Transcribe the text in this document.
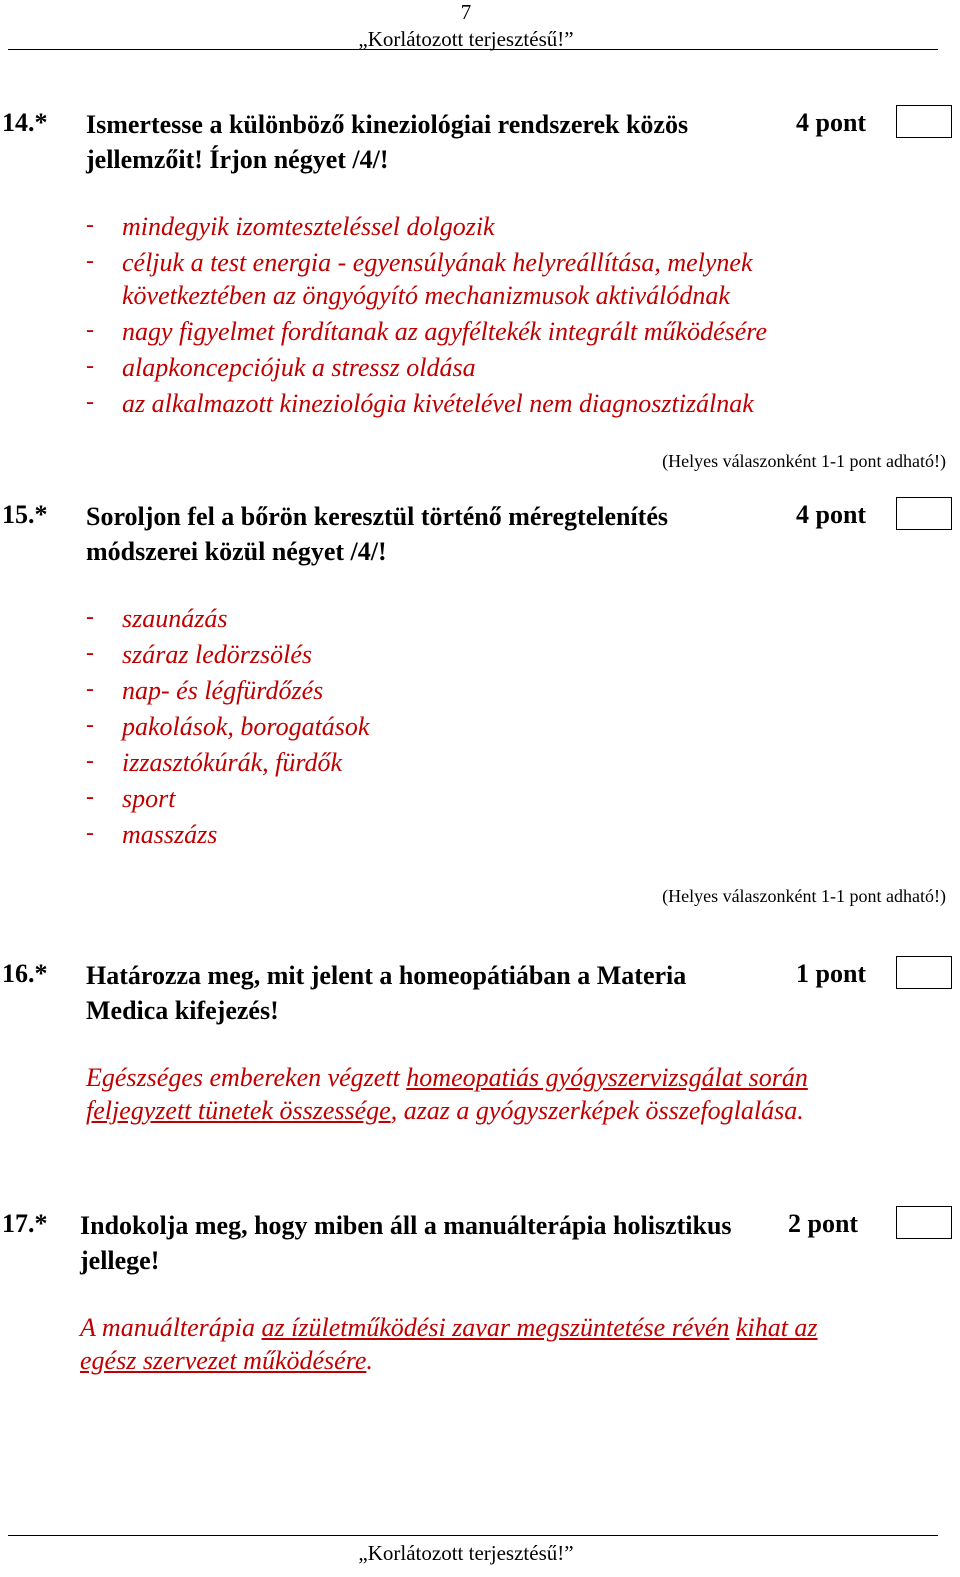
7
„Korlátozott terjesztésű!”
14.* Ismertesse a különböző kineziológiai rendszerek közös jellemzőit! Írjon négyet /4/!
4 pont
- mindegyik izomteszteléssel dolgozik
- céljuk a test energia - egyensúlyának helyreállítása, melynek
következtében az öngyógyító mechanizmusok aktiválódnak
- nagy figyelmet fordítanak az agyféltekék integrált működésére
- alapkoncepciójuk a stressz oldása
- az alkalmazott kineziológia kivételével nem diagnosztizálnak
(Helyes válaszonként 1-1 pont adható!)
15.* Soroljon fel a bőrön keresztül történő méregtelenítés módszerei közül négyet /4/!
4 pont
- szaunázás
- száraz ledörzsölés
- nap- és légfürdőzés
- pakolások, borogatások
- izzasztókúrák, fürdők
- sport
- masszázs
(Helyes válaszonként 1-1 pont adható!)
16.* Határozza meg, mit jelent a homeopátiában a Materia Medica kifejezés!
1 pont
Egészséges embereken végzett homeopatiás gyógyszervizsgálat során
feljegyzett tünetek összessége, azaz a gyógyszerképek összefoglalása.
17.* Indokolja meg, hogy miben áll a manuálterápia holisztikus jellege!
2 pont
A manuálterápia az ízületműködési zavar megszüntetése révén kihat az
egész szervezet működésére.
„Korlátozott terjesztésű!”
